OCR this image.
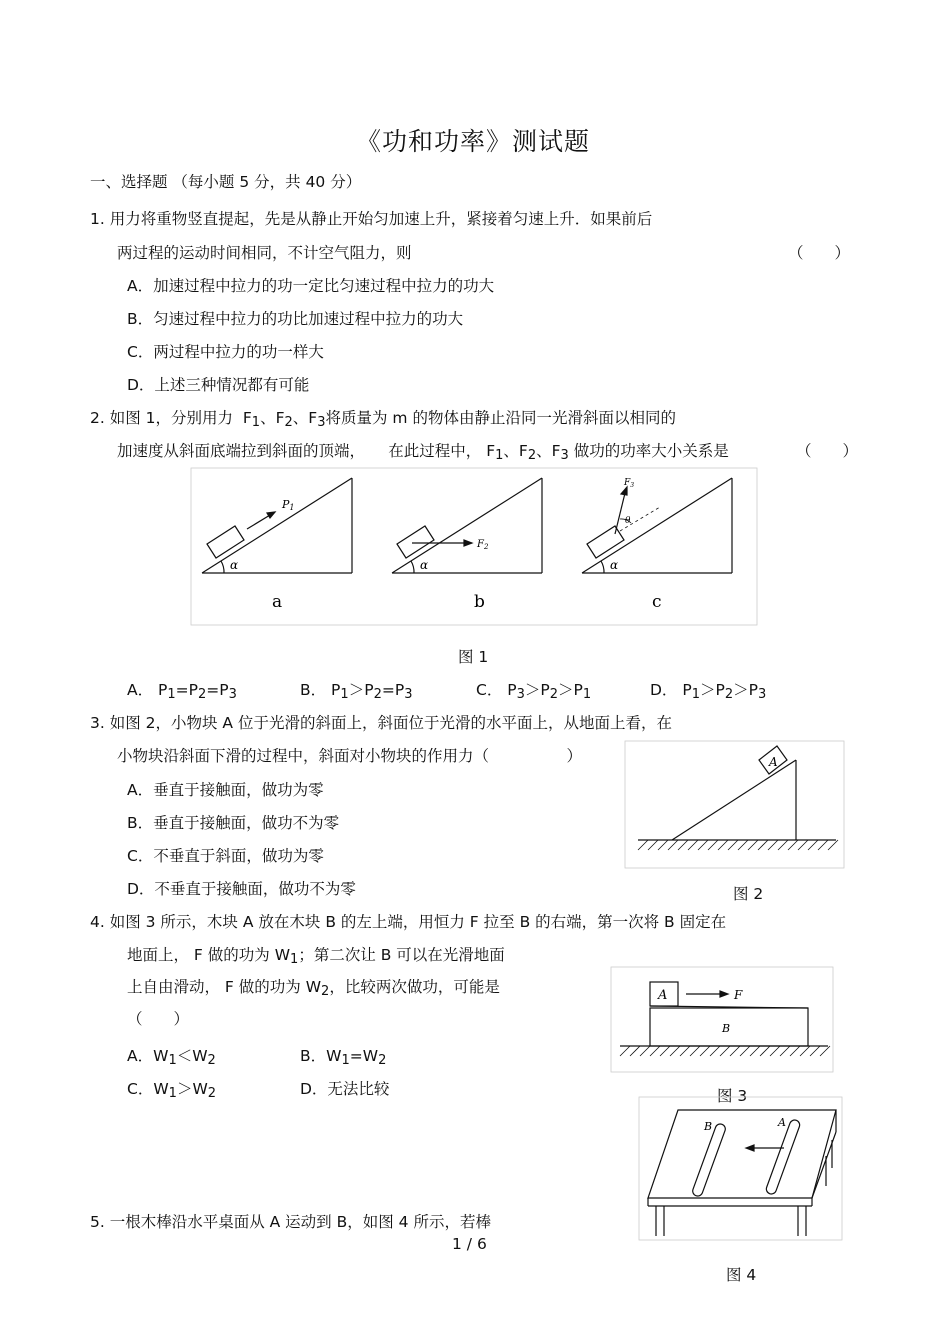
《功和功率》测试题
一、选择题 （每小题 5 分，共 40 分）
1. 用力将重物竖直提起，先是从静止开始匀加速上升，紧接着匀速上升．如果前后
两过程的运动时间相同，不计空气阻力，则	（　　）
A．加速过程中拉力的功一定比匀速过程中拉力的功大
B．匀速过程中拉力的功比加速过程中拉力的功大
C．两过程中拉力的功一样大
D．上述三种情况都有可能
2. 如图 1，分别用力  $F_1$、$F_2$、$F_3$将质量为 m 的物体由静止沿同一光滑斜面以相同的
加速度从斜面底端拉到斜面的顶端，　　在此过程中， $F_1$、$F_2$、$F_3$ 做功的功率大小关系是	（　　）
α
P1
a
α
$F_2$
b
α
θ
$F_3$
c
图 1
A． $P_1=P_2=P_3$	B． $P_1>P_2=P_3$	C． $P_3>P_2>P_1$	D． $P_1>P_2>P_3$
3. 如图 2，小物块 A 位于光滑的斜面上，斜面位于光滑的水平面上，从地面上看，在
小物块沿斜面下滑的过程中，斜面对小物块的作用力（　　　　　）
A．垂直于接触面，做功为零
B．垂直于接触面，做功不为零
C．不垂直于斜面，做功为零
D．不垂直于接触面，做功不为零
A
图 2
4. 如图 3 所示，木块 A 放在木块 B 的左上端，用恒力 F 拉至 B 的右端，第一次将 B 固定在
地面上， F 做的功为 $W_1$；第二次让 B 可以在光滑地面
上自由滑动， F 做的功为 $W_2$，比较两次做功，可能是
（　　）
A．$W_1<W_2$	B．$W_1=W_2$
C．$W_1>W_2$	D．无法比较
A
B
F
图 3
B	A
图 4
5. 一根木棒沿水平桌面从 A 运动到 B，如图 4 所示，若棒
1 / 6
